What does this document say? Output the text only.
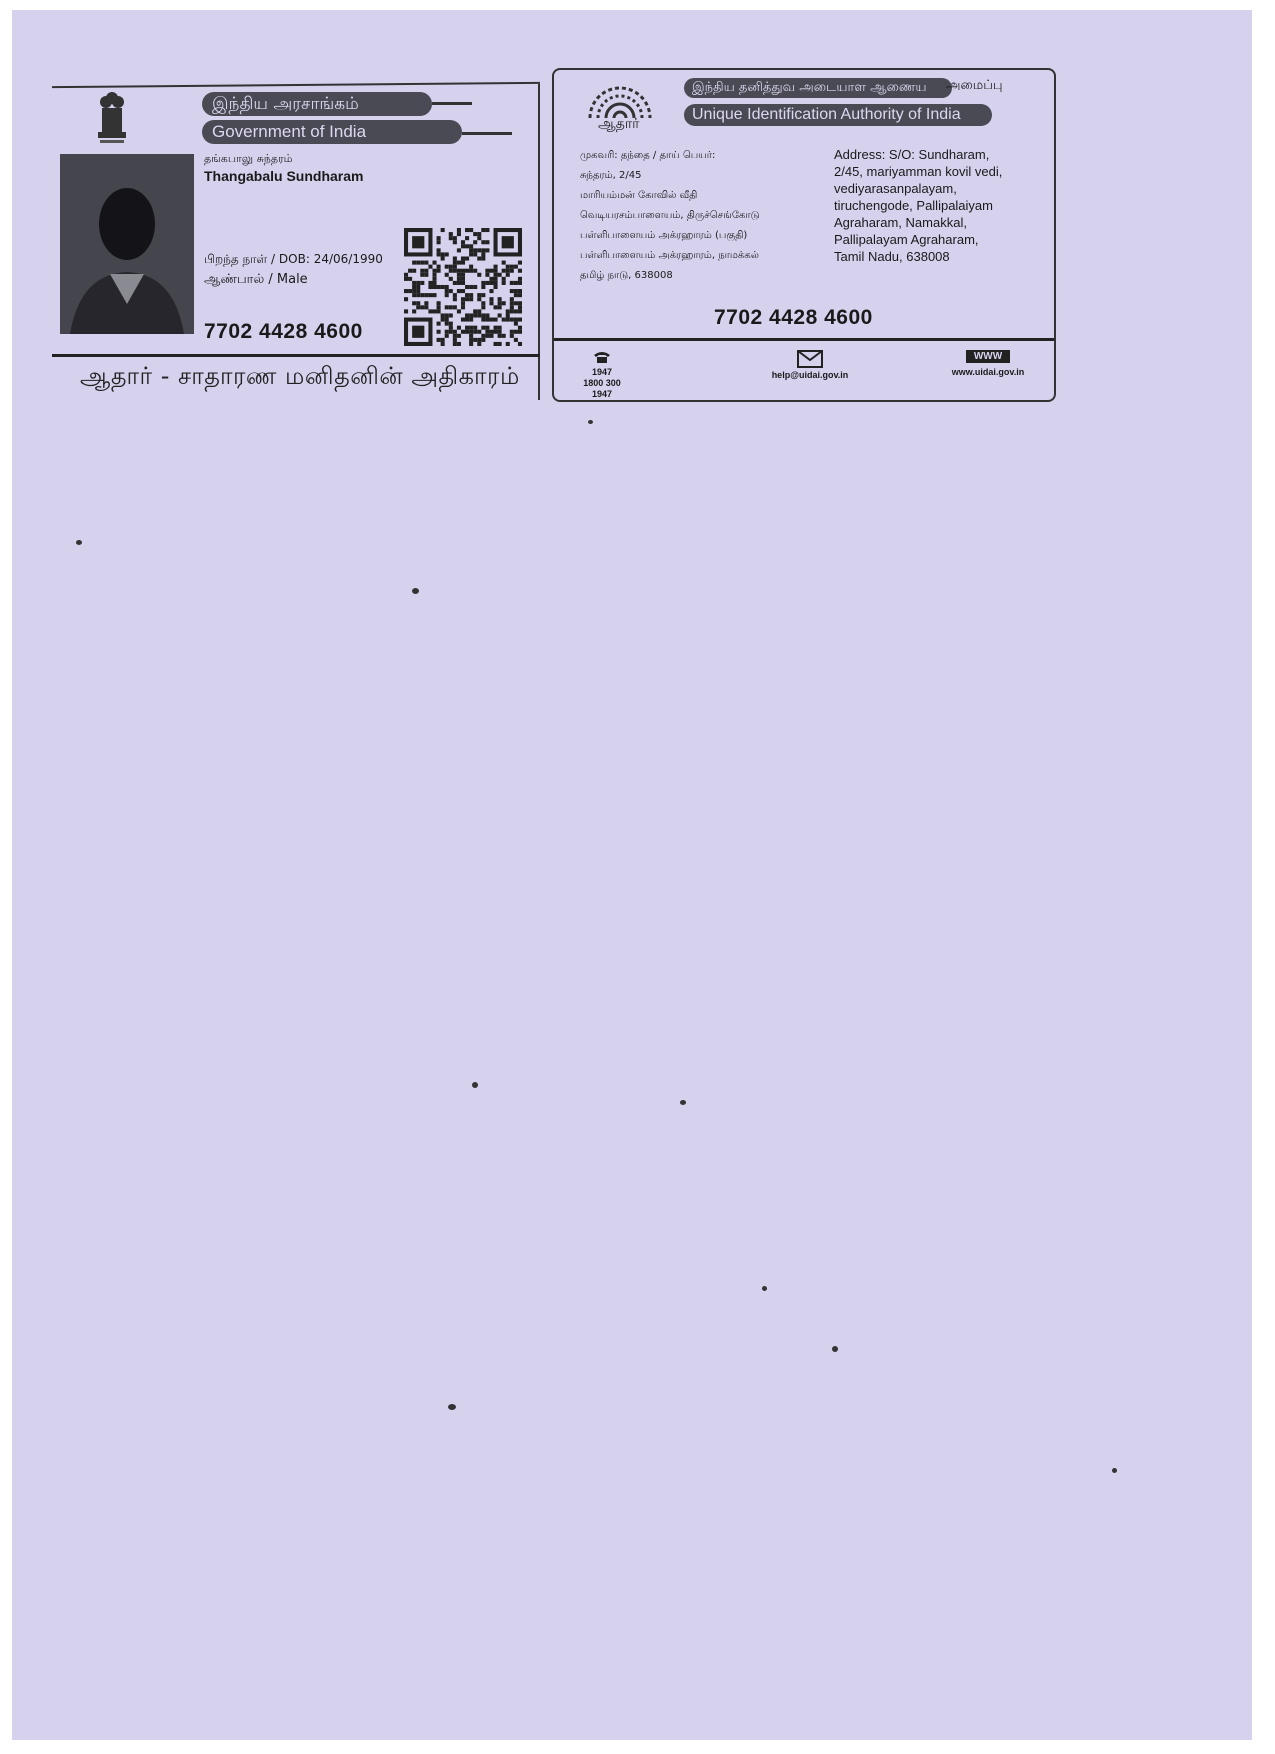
இந்திய அரசாங்கம்
Government of India
தங்கபாலு சுந்தரம்
Thangabalu Sundharam
பிறந்த நாள் / DOB: 24/06/1990
ஆண்பால் / Male
7702 4428 4600
ஆதார் - சாதாரண மனிதனின் அதிகாரம்
ஆதார்
இந்திய தனித்துவ அடையாள ஆணைய	அமைப்பு
Unique Identification Authority of India
முகவரி: தந்தை / தாய் பெயர்:
சுந்தரம், 2/45
மாரியம்மன் கோவில் வீதி
வெடியரசம்பாளையம், திருச்செங்கோடு
பள்ளிபாளையம் அக்ரஹாரம் (பகுதி)
பள்ளிபாளையம் அக்ரஹாரம், நாமக்கல்
தமிழ் நாடு, 638008
Address: S/O: Sundharam,
2/45, mariyamman kovil vedi,
vediyarasanpalayam,
tiruchengode, Pallipalaiyam
Agraharam, Namakkal,
Pallipalayam Agraharam,
Tamil Nadu, 638008
7702 4428 4600
1947
1800 300 1947
help@uidai.gov.in
WWW
www.uidai.gov.in
